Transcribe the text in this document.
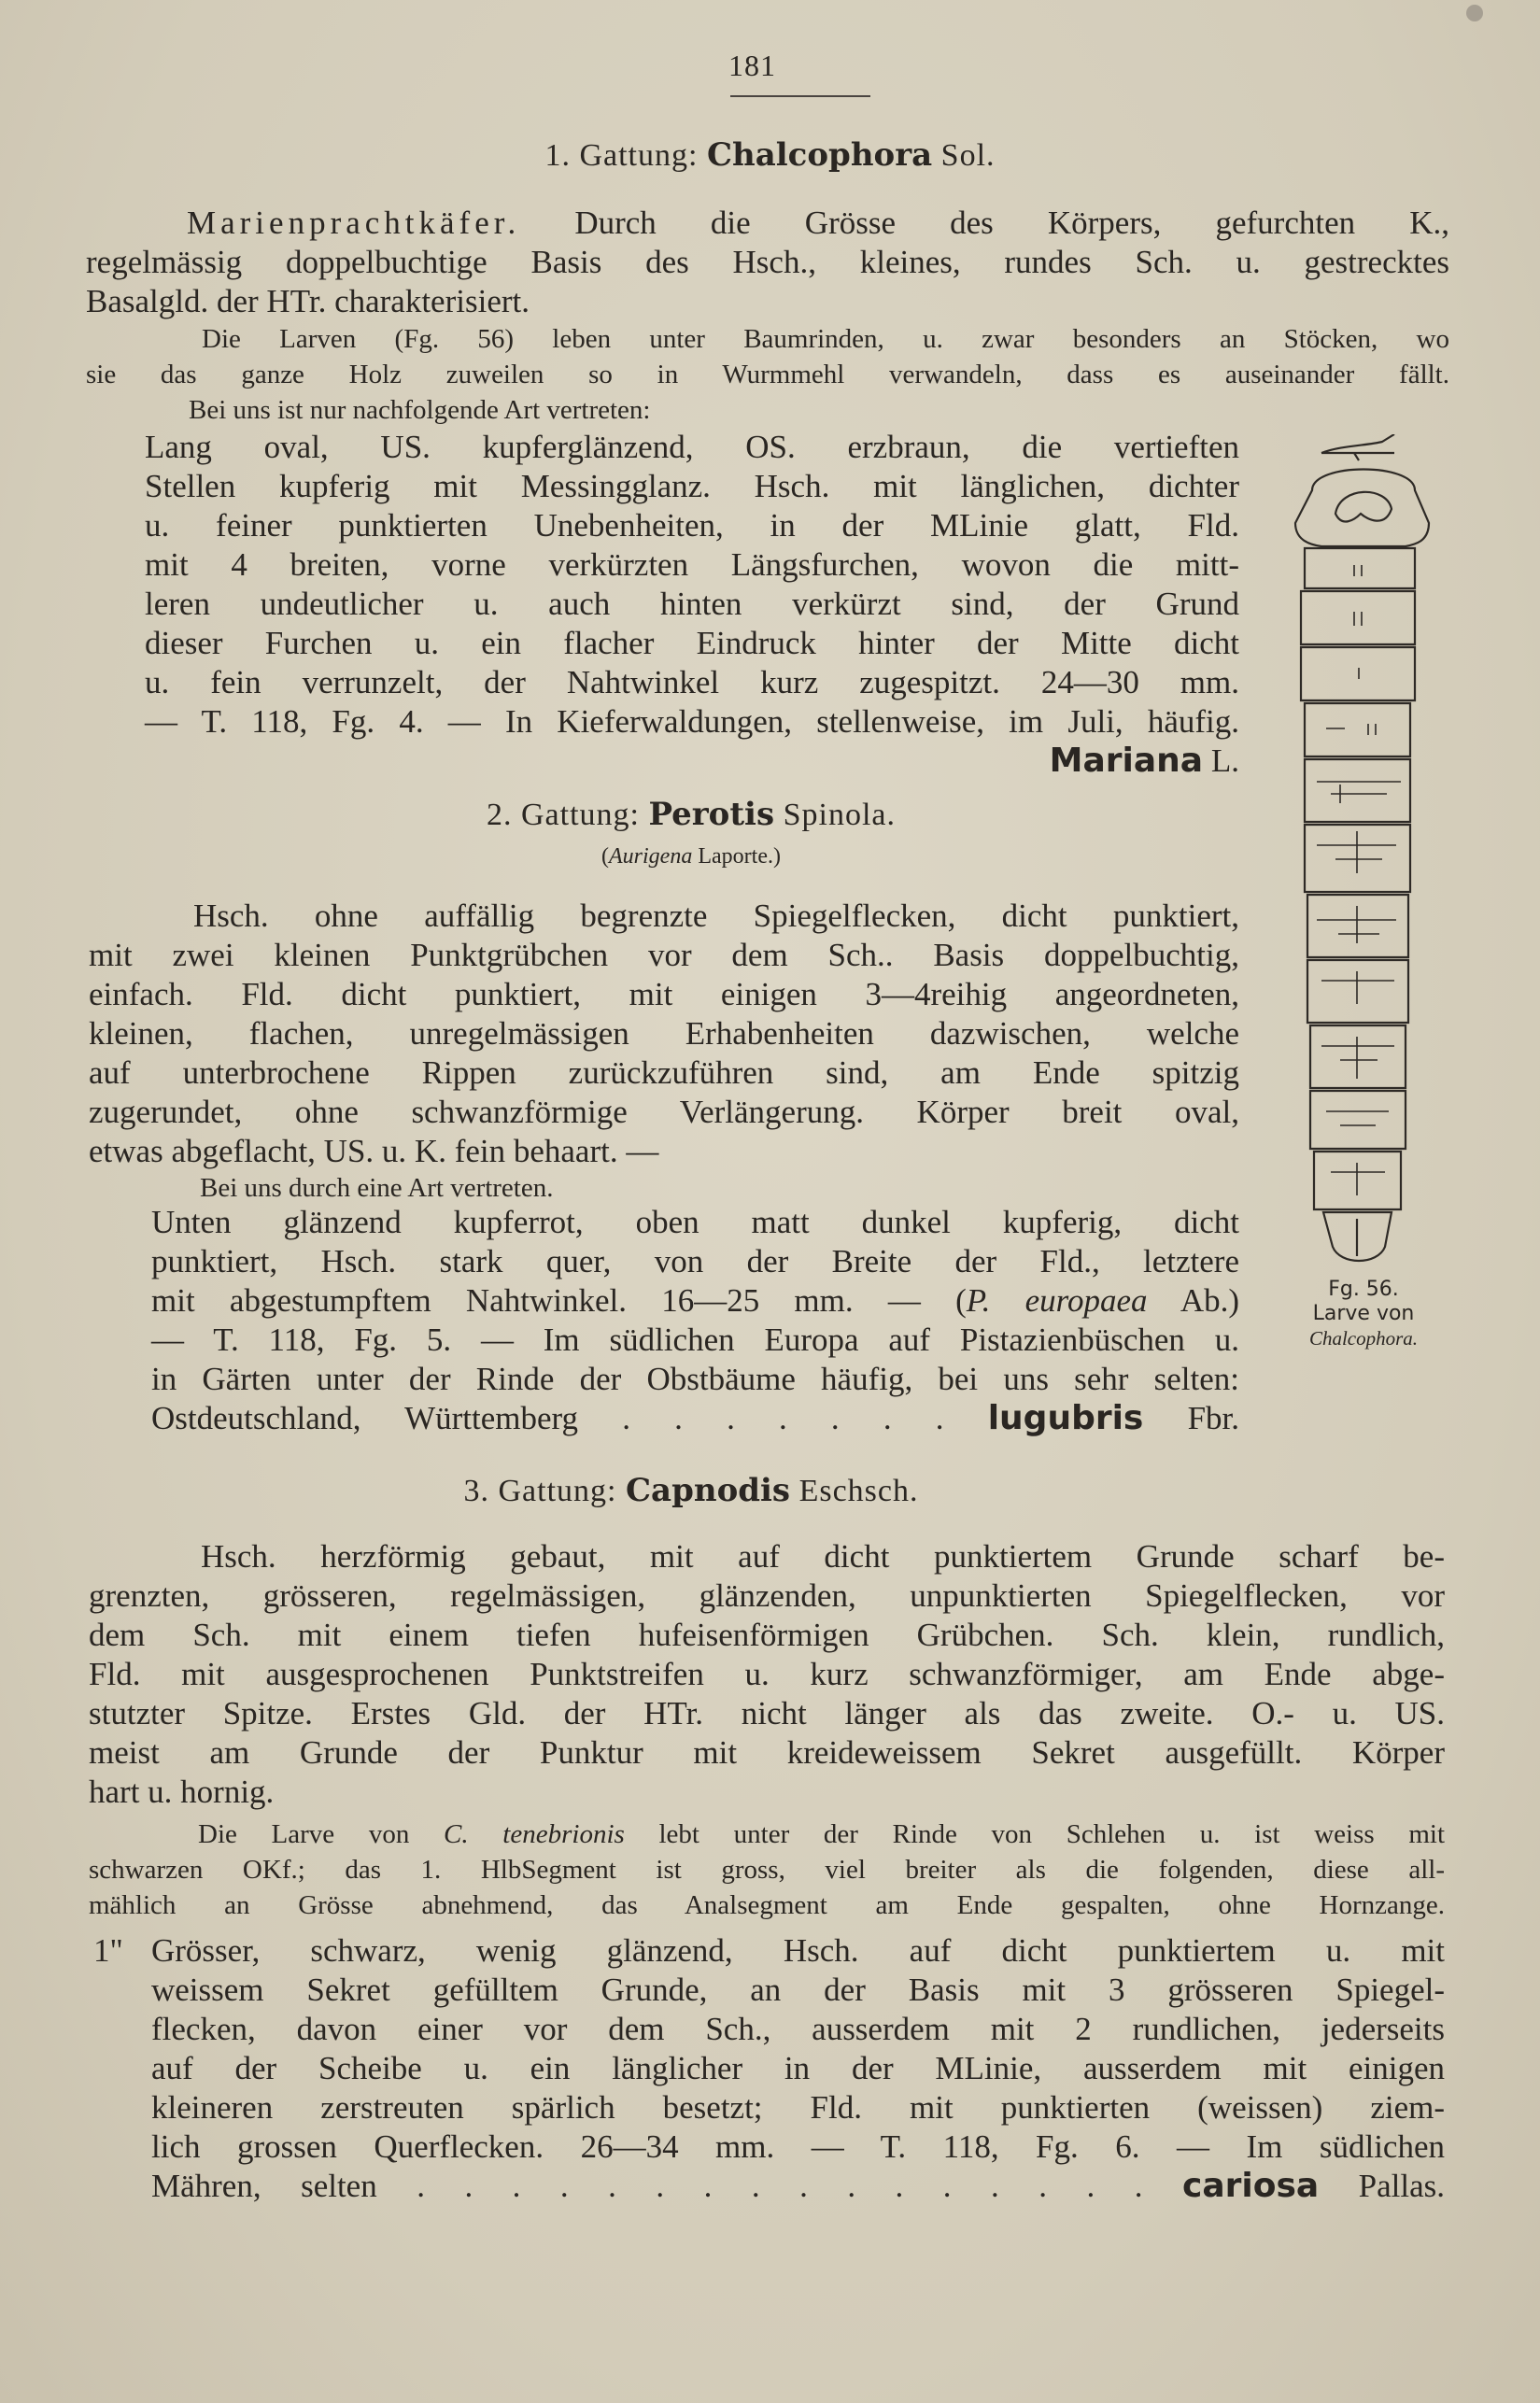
181
1. Gattung: Chalcophora Sol.
Marienprachtkäfer. Durch die Grösse des Körpers, gefurchten K.,
regelmässig doppelbuchtige Basis des Hsch., kleines, rundes Sch. u. gestrecktes
Basalgld. der HTr. charakterisiert.
Die Larven (Fg. 56) leben unter Baumrinden, u. zwar besonders an Stöcken, wo
sie das ganze Holz zuweilen so in Wurmmehl verwandeln, dass es auseinander fällt.
Bei uns ist nur nachfolgende Art vertreten:
Lang oval, US. kupferglänzend, OS. erzbraun, die vertieften
Stellen kupferig mit Messingglanz. Hsch. mit länglichen, dichter
u. feiner punktierten Unebenheiten, in der MLinie glatt, Fld.
mit 4 breiten, vorne verkürzten Längsfurchen, wovon die mitt-
leren undeutlicher u. auch hinten verkürzt sind, der Grund
dieser Furchen u. ein flacher Eindruck hinter der Mitte dicht
u. fein verrunzelt, der Nahtwinkel kurz zugespitzt. 24—30 mm.
— T. 118, Fg. 4. — In Kieferwaldungen, stellenweise, im Juli, häufig.
Mariana L.
2. Gattung: Perotis Spinola.
(Aurigena Laporte.)
Hsch. ohne auffällig begrenzte Spiegelflecken, dicht punktiert,
mit zwei kleinen Punktgrübchen vor dem Sch.. Basis doppelbuchtig,
einfach. Fld. dicht punktiert, mit einigen 3—4reihig angeordneten,
kleinen, flachen, unregelmässigen Erhabenheiten dazwischen, welche
auf unterbrochene Rippen zurückzuführen sind, am Ende spitzig
zugerundet, ohne schwanzförmige Verlängerung. Körper breit oval,
etwas abgeflacht, US. u. K. fein behaart. —
Bei uns durch eine Art vertreten.
Unten glänzend kupferrot, oben matt dunkel kupferig, dicht
punktiert, Hsch. stark quer, von der Breite der Fld., letztere
mit abgestumpftem Nahtwinkel. 16—25 mm. — (P. europaea Ab.)
— T. 118, Fg. 5. — Im südlichen Europa auf Pistazienbüschen u.
in Gärten unter der Rinde der Obstbäume häufig, bei uns sehr selten:
Ostdeutschland, Württemberg . . . . . . . lugubris Fbr.
Fg. 56.
Larve von
Chalcophora.
3. Gattung: Capnodis Eschsch.
Hsch. herzförmig gebaut, mit auf dicht punktiertem Grunde scharf be-
grenzten, grösseren, regelmässigen, glänzenden, unpunktierten Spiegelflecken, vor
dem Sch. mit einem tiefen hufeisenförmigen Grübchen. Sch. klein, rundlich,
Fld. mit ausgesprochenen Punktstreifen u. kurz schwanzförmiger, am Ende abge-
stutzter Spitze. Erstes Gld. der HTr. nicht länger als das zweite. O.- u. US.
meist am Grunde der Punktur mit kreideweissem Sekret ausgefüllt. Körper
hart u. hornig.
Die Larve von C. tenebrionis lebt unter der Rinde von Schlehen u. ist weiss mit
schwarzen OKf.; das 1. HlbSegment ist gross, viel breiter als die folgenden, diese all-
mählich an Grösse abnehmend, das Analsegment am Ende gespalten, ohne Hornzange.
1" Grösser, schwarz, wenig glänzend, Hsch. auf dicht punktiertem u. mit
weissem Sekret gefülltem Grunde, an der Basis mit 3 grösseren Spiegel-
flecken, davon einer vor dem Sch., ausserdem mit 2 rundlichen, jederseits
auf der Scheibe u. ein länglicher in der MLinie, ausserdem mit einigen
kleineren zerstreuten spärlich besetzt; Fld. mit punktierten (weissen) ziem-
lich grossen Querflecken. 26—34 mm. — T. 118, Fg. 6. — Im südlichen
Mähren, selten . . . . . . . . . . . . . . . . cariosa Pallas.
